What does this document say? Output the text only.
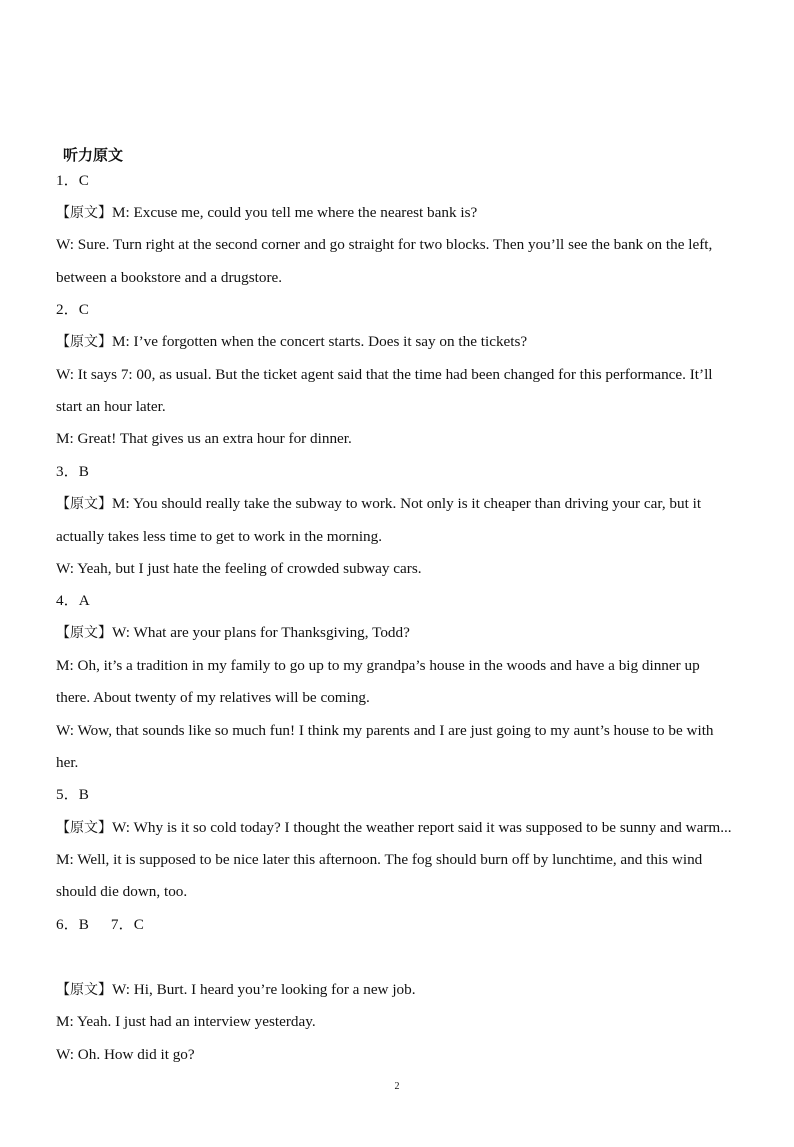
听力原文
1．C
【原文】M: Excuse me, could you tell me where the nearest bank is?
W: Sure. Turn right at the second corner and go straight for two blocks. Then you’ll see the bank on the left,
between a bookstore and a drugstore.
2．C
【原文】M: I’ve forgotten when the concert starts. Does it say on the tickets?
W: It says 7: 00, as usual. But the ticket agent said that the time had been changed for this performance. It’ll
start an hour later.
M: Great! That gives us an extra hour for dinner.
3．B
【原文】M: You should really take the subway to work. Not only is it cheaper than driving your car, but it
actually takes less time to get to work in the morning.
W: Yeah, but I just hate the feeling of crowded subway cars.
4．A
【原文】W: What are your plans for Thanksgiving, Todd?
M: Oh, it’s a tradition in my family to go up to my grandpa’s house in the woods and have a big dinner up
there. About twenty of my relatives will be coming.
W: Wow, that sounds like so much fun! I think my parents and I are just going to my aunt’s house to be with
her.
5．B
【原文】W: Why is it so cold today? I thought the weather report said it was supposed to be sunny and warm...
M: Well, it is supposed to be nice later this afternoon. The fog should burn off by lunchtime, and this wind
should die down, too.
6．B 7．C
【原文】W: Hi, Burt. I heard you’re looking for a new job.
M: Yeah. I just had an interview yesterday.
W: Oh. How did it go?
2
